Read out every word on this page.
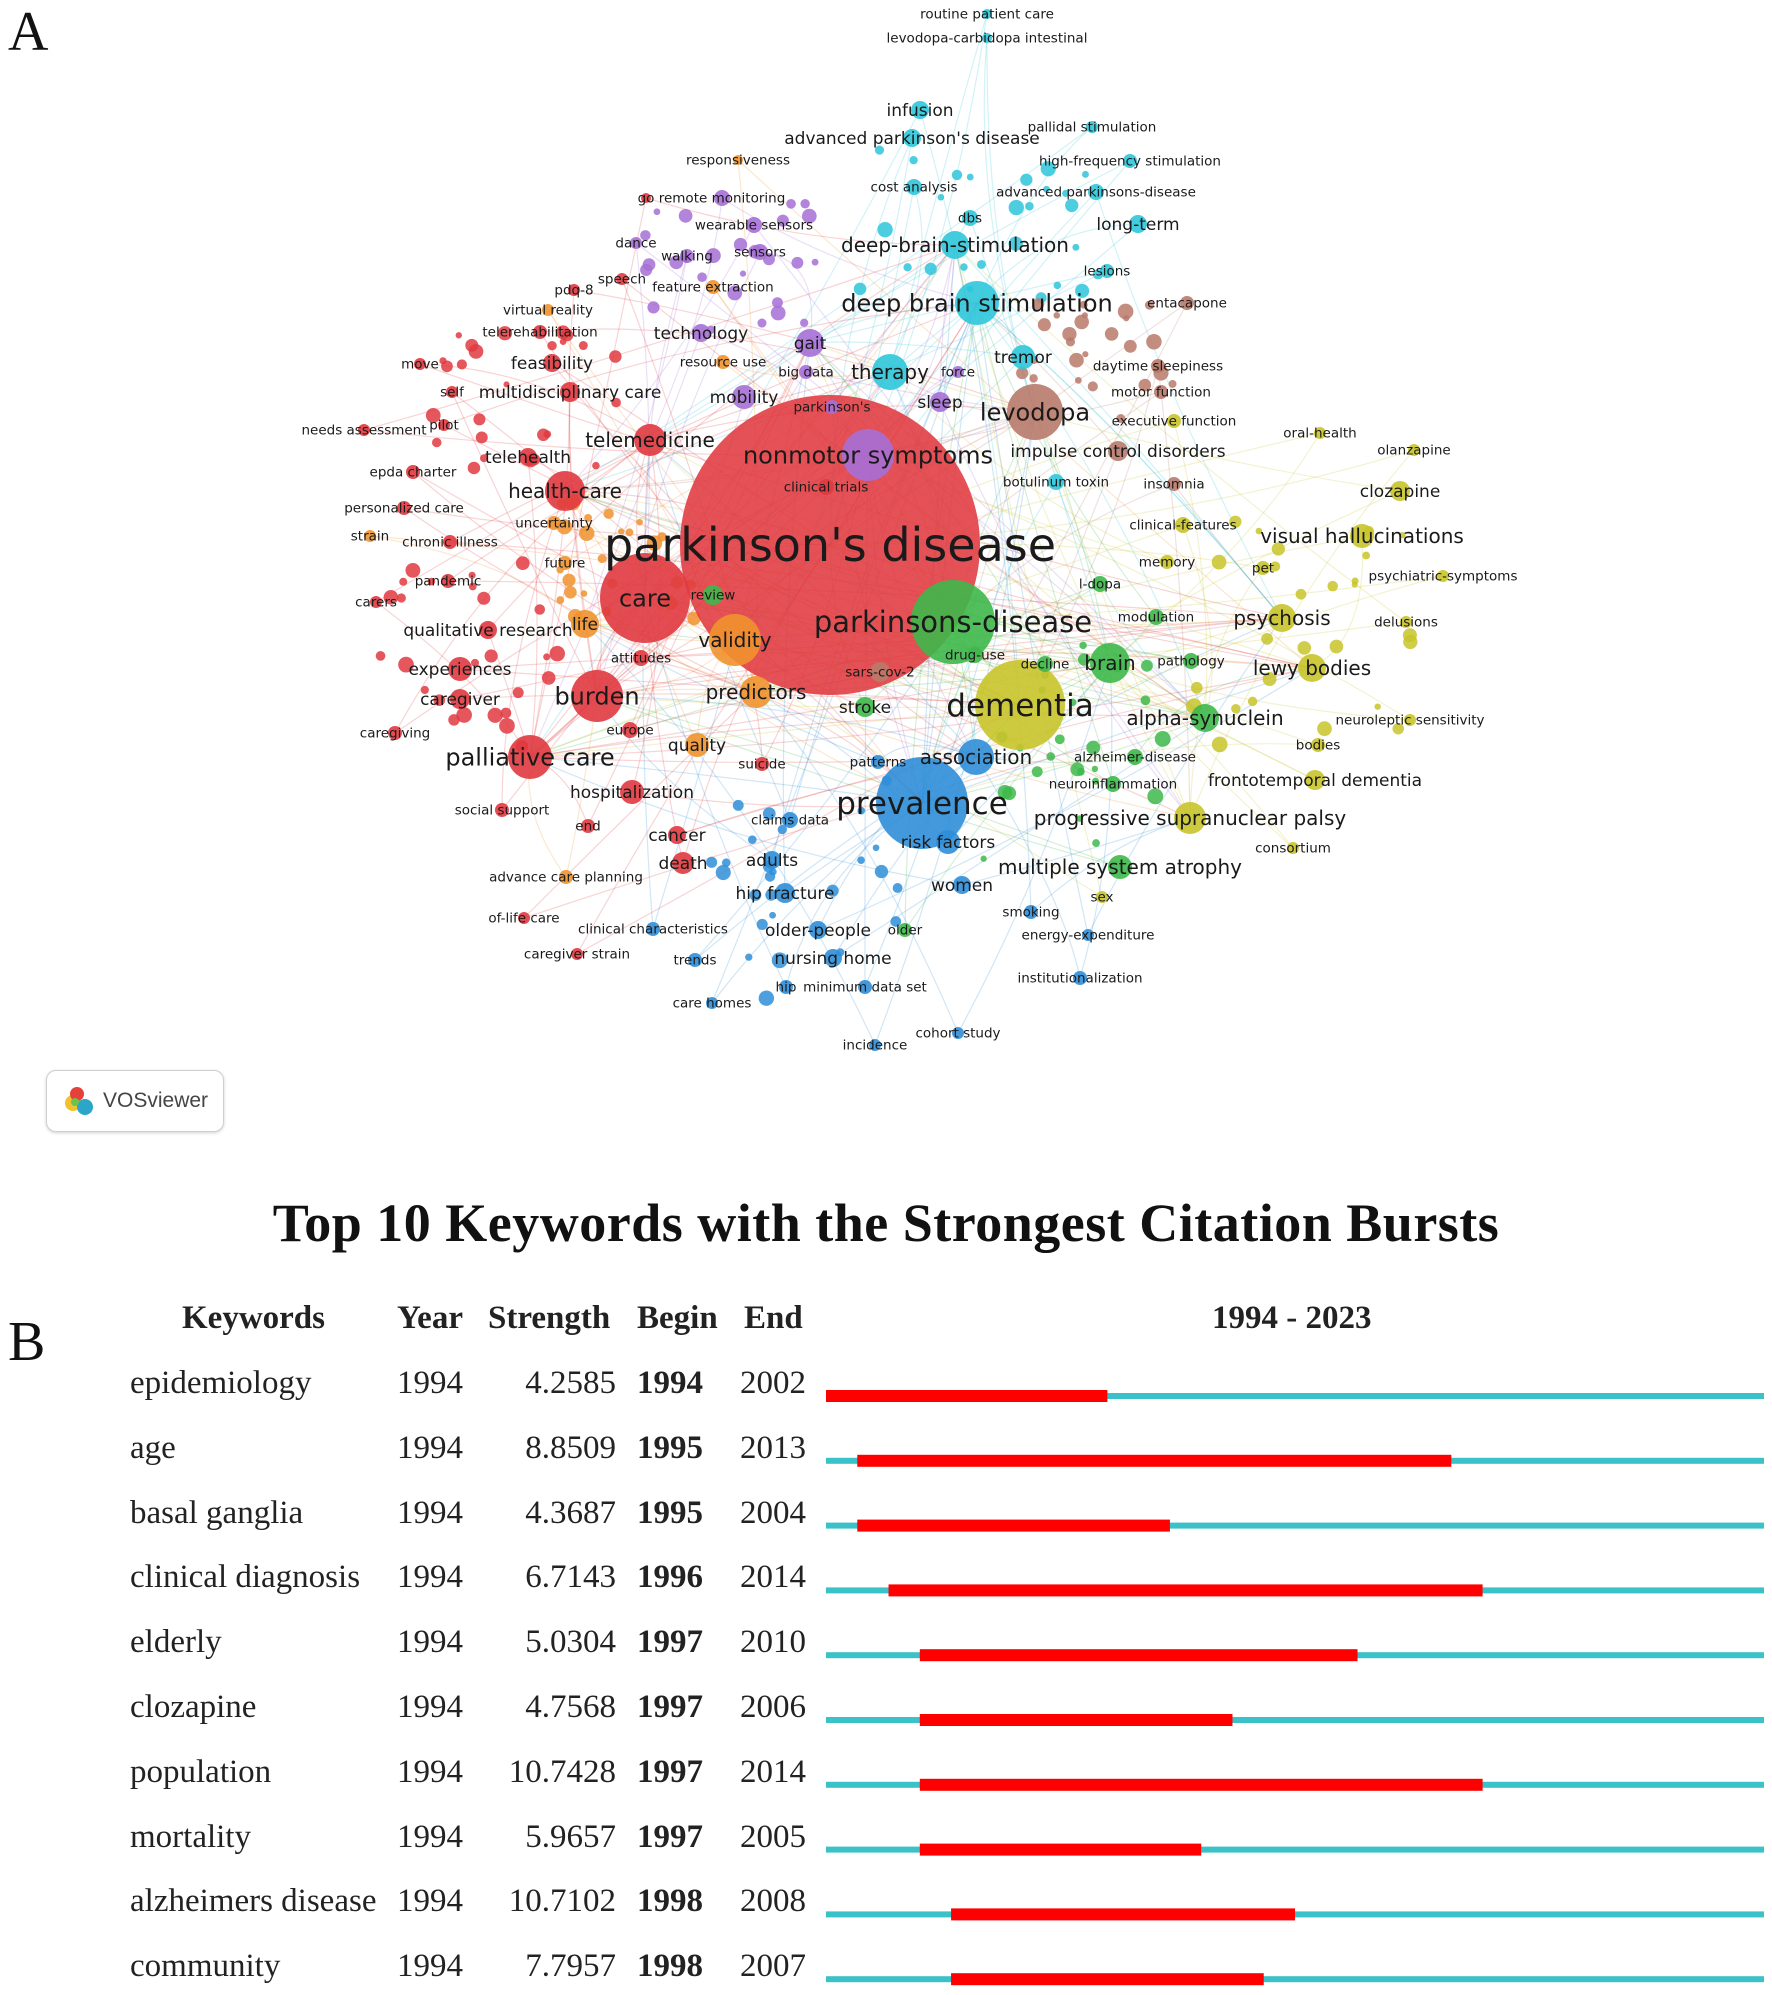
A
parkinson's disease
parkinsons-disease
dementia
prevalence
nonmotor symptoms
deep brain stimulation
levodopa
telemedicine
care
burden
palliative care
validity
health-care
association
psychosis
lewy bodies
therapy
predictors
progressive supranuclear palsy
visual hallucinations
multiple system atrophy
alpha-synuclein
deep-brain-stimulation
brain
clozapine
infusion
long-term
gait
quality
experiences
caregiver
qualitative research life
stroke
hospitalization
death
tremor
frontotemporal dementia
nursing home
risk factors
women
impulse control disorders
technology
multidisciplinary care
feasibility
telehealth
mobility	sleep
cancer
adults
hip fracture
older-people
advanced parkinson's disease
high-frequency stimulation
advanced parkinsons-disease
cost analysis
dbs
wearable sensors
remote monitoring
sensors
walking
dance
speech feature extraction
pdq-8
virtual reality
telerehabilitation
move
self
pilot
needs assessment
epda charter
personalized care
strain chronic illness
uncertainty
future
pandemic
carers
caregiving	europe
attitudes
review
clinical trials
resource use
big data	force
parkinson's
responsiveness
go
social support
end
advance care planning
of-life care
caregiver strain
clinical characteristics
trends
care homes
hip minimum data set
incidence
cohort study
older
claims data
patterns
suicide
sars-cov-2
drug-use
decline
smoking
energy-expenditure
sex
institutionalization
neuroinflammation
alzheimer-disease
consortium
bodies
neuroleptic sensitivity
delusions
psychiatric-symptoms
pet
memory
l-dopa
modulation
pathology
clinical-features
insomnia
botulinum toxin
executive function
oral-health
olanzapine
motor function
daytime sleepiness
entacapone
lesions
pallidal stimulation
routine patient care
levodopa-carbidopa intestinal
VOSviewer
B
Top 10 Keywords with the Strongest Citation Bursts
Keywords Year Strength Begin End	1994 - 2023
epidemiology	1994 4.2585 1994 2002
age	1994 8.8509 1995 2013
basal ganglia	1994 4.3687 1995 2004
clinical diagnosis 1994 6.7143 1996 2014
elderly	1994 5.0304 1997 2010
clozapine	1994 4.7568 1997 2006
population	1994 10.7428 1997 2014
mortality	1994 5.9657 1997 2005
alzheimers disease 1994 10.7102 1998 2008
community	1994 7.7957 1998 2007
